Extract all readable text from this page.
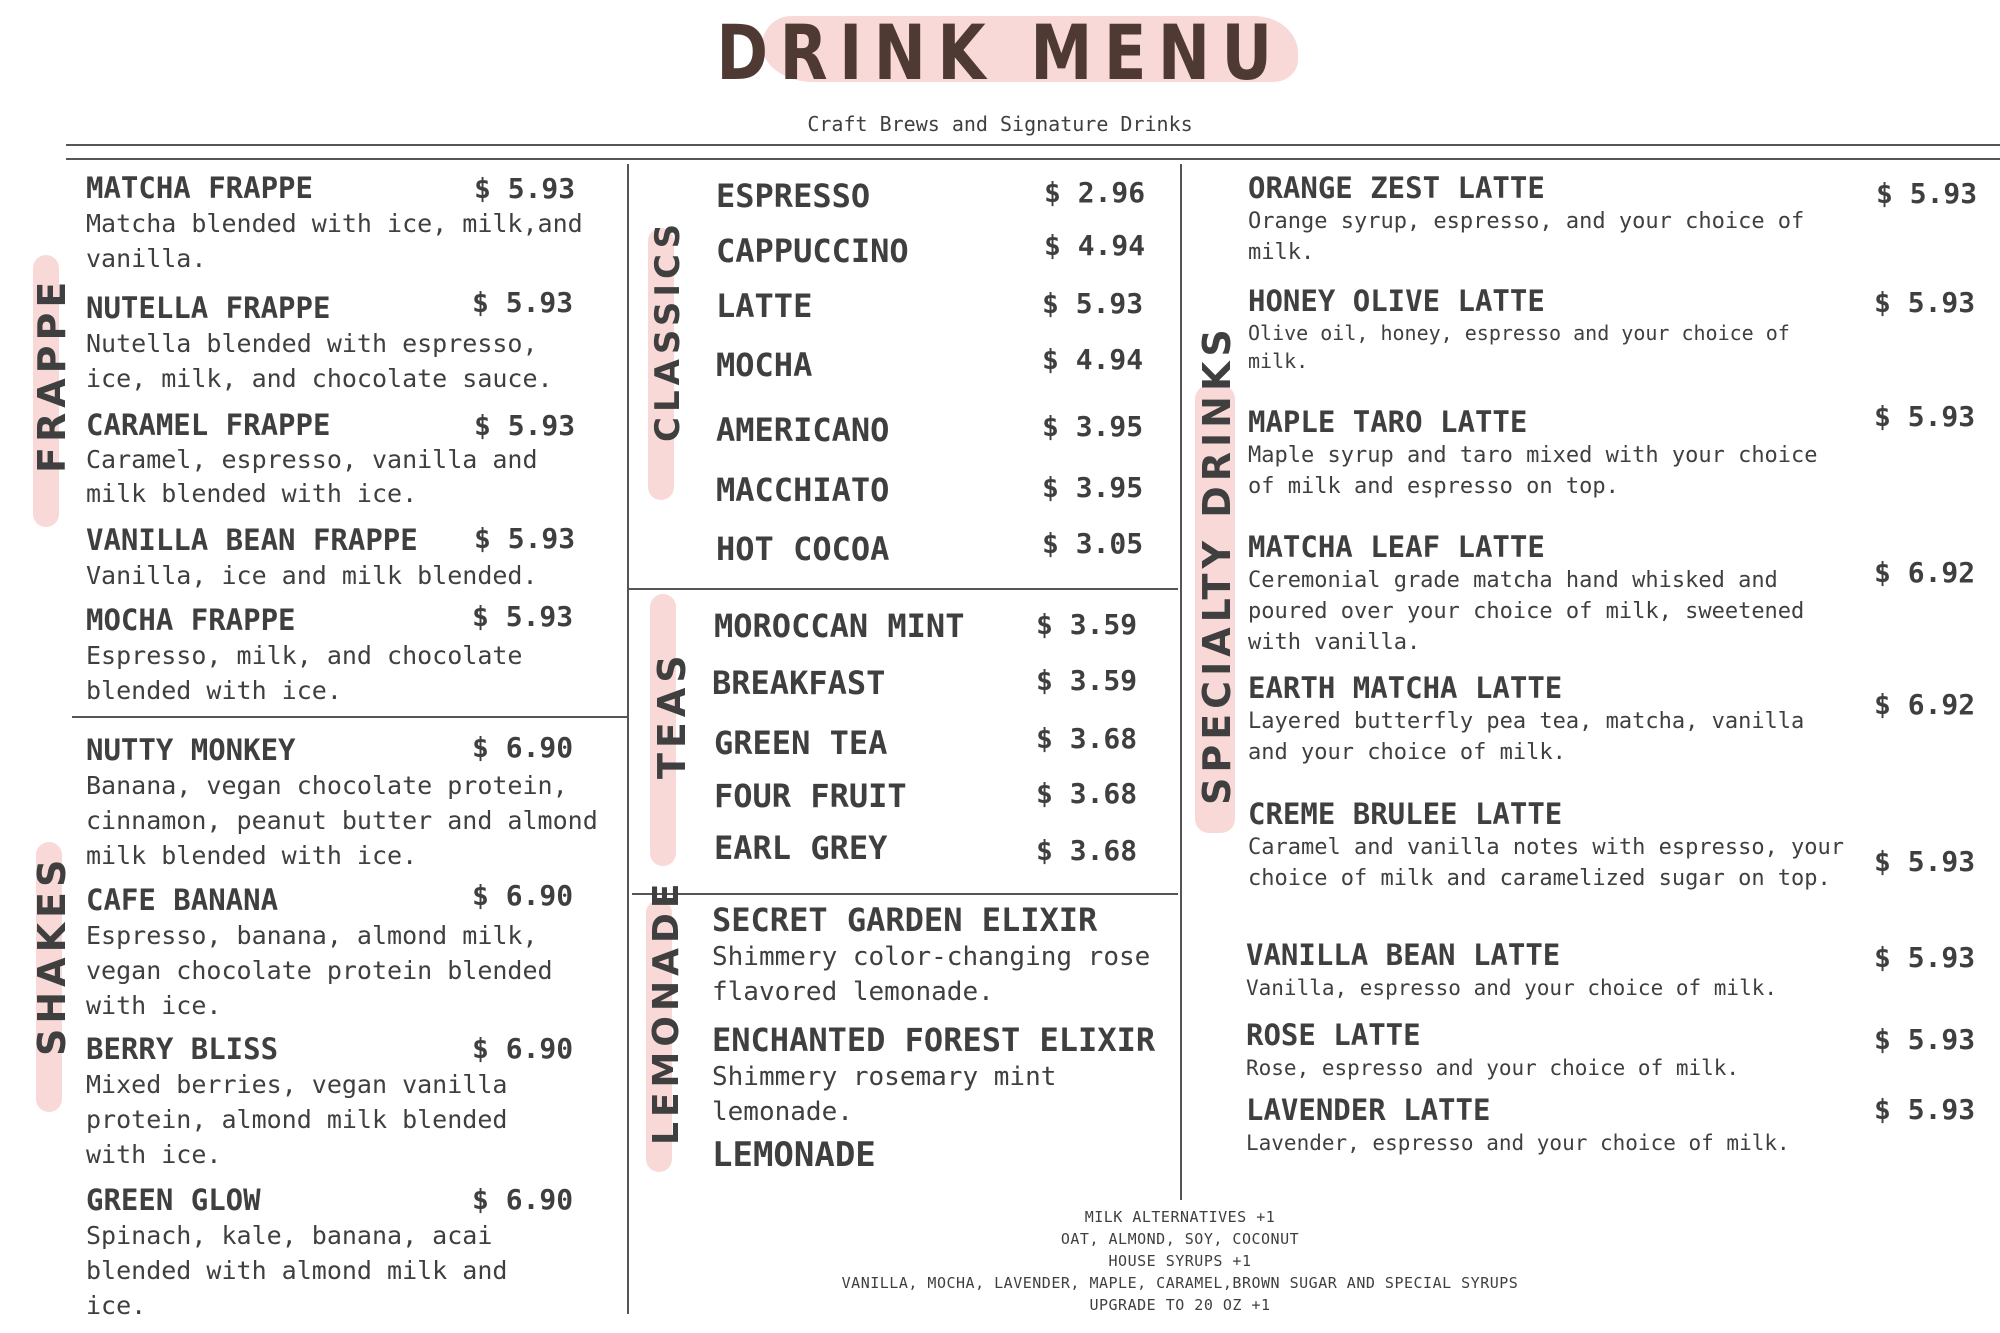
DRINK MENU
Craft Brews and Signature Drinks
FRAPPE
SHAKES
CLASSICS
TEAS
LEMONADE
SPECIALTY DRINKS
MATCHA FRAPPE
Matcha blended with ice, milk,and vanilla.
$ 5.93
NUTELLA FRAPPE
Nutella blended with espresso, ice, milk, and chocolate sauce.
$ 5.93
CARAMEL FRAPPE
Caramel, espresso, vanilla and milk blended with ice.
$ 5.93
VANILLA BEAN FRAPPE
Vanilla, ice and milk blended.
$ 5.93
MOCHA FRAPPE
Espresso, milk, and chocolate blended with ice.
$ 5.93
NUTTY MONKEY
Banana, vegan chocolate protein, cinnamon, peanut butter and almond milk blended with ice.
$ 6.90
CAFE BANANA
Espresso, banana, almond milk, vegan chocolate protein blended with ice.
$ 6.90
BERRY BLISS
Mixed berries, vegan vanilla protein, almond milk blended with ice.
$ 6.90
GREEN GLOW
Spinach, kale, banana, acai blended with almond milk and ice.
$ 6.90
ESPRESSO	$ 2.96
CAPPUCCINO	$ 4.94
LATTE	$ 5.93
MOCHA	$ 4.94
AMERICANO	$ 3.95
MACCHIATO	$ 3.95
HOT COCOA	$ 3.05
MOROCCAN MINT	$ 3.59
BREAKFAST	$ 3.59
GREEN TEA	$ 3.68
FOUR FRUIT	$ 3.68
EARL GREY	$ 3.68
SECRET GARDEN ELIXIR
Shimmery color-changing rose flavored lemonade.
ENCHANTED FOREST ELIXIR
Shimmery rosemary mint lemonade.
LEMONADE
ORANGE ZEST LATTE
Orange syrup, espresso, and your choice of milk.
$ 5.93
HONEY OLIVE LATTE
Olive oil, honey, espresso and your choice of milk.
$ 5.93
MAPLE TARO LATTE
Maple syrup and taro mixed with your choice of milk and espresso on top.
$ 5.93
MATCHA LEAF LATTE
Ceremonial grade matcha hand whisked and poured over your choice of milk, sweetened with vanilla.
$ 6.92
EARTH MATCHA LATTE
Layered butterfly pea tea, matcha, vanilla and your choice of milk.
$ 6.92
CREME BRULEE LATTE
Caramel and vanilla notes with espresso, your choice of milk and caramelized sugar on top.
$ 5.93
VANILLA BEAN LATTE
Vanilla, espresso and your choice of milk.
$ 5.93
ROSE LATTE
Rose, espresso and your choice of milk.
$ 5.93
LAVENDER LATTE
Lavender, espresso and your choice of milk.
$ 5.93
MILK ALTERNATIVES +1
OAT, ALMOND, SOY, COCONUT
HOUSE SYRUPS +1
VANILLA, MOCHA, LAVENDER, MAPLE, CARAMEL,BROWN SUGAR AND SPECIAL SYRUPS
UPGRADE TO 20 OZ +1
